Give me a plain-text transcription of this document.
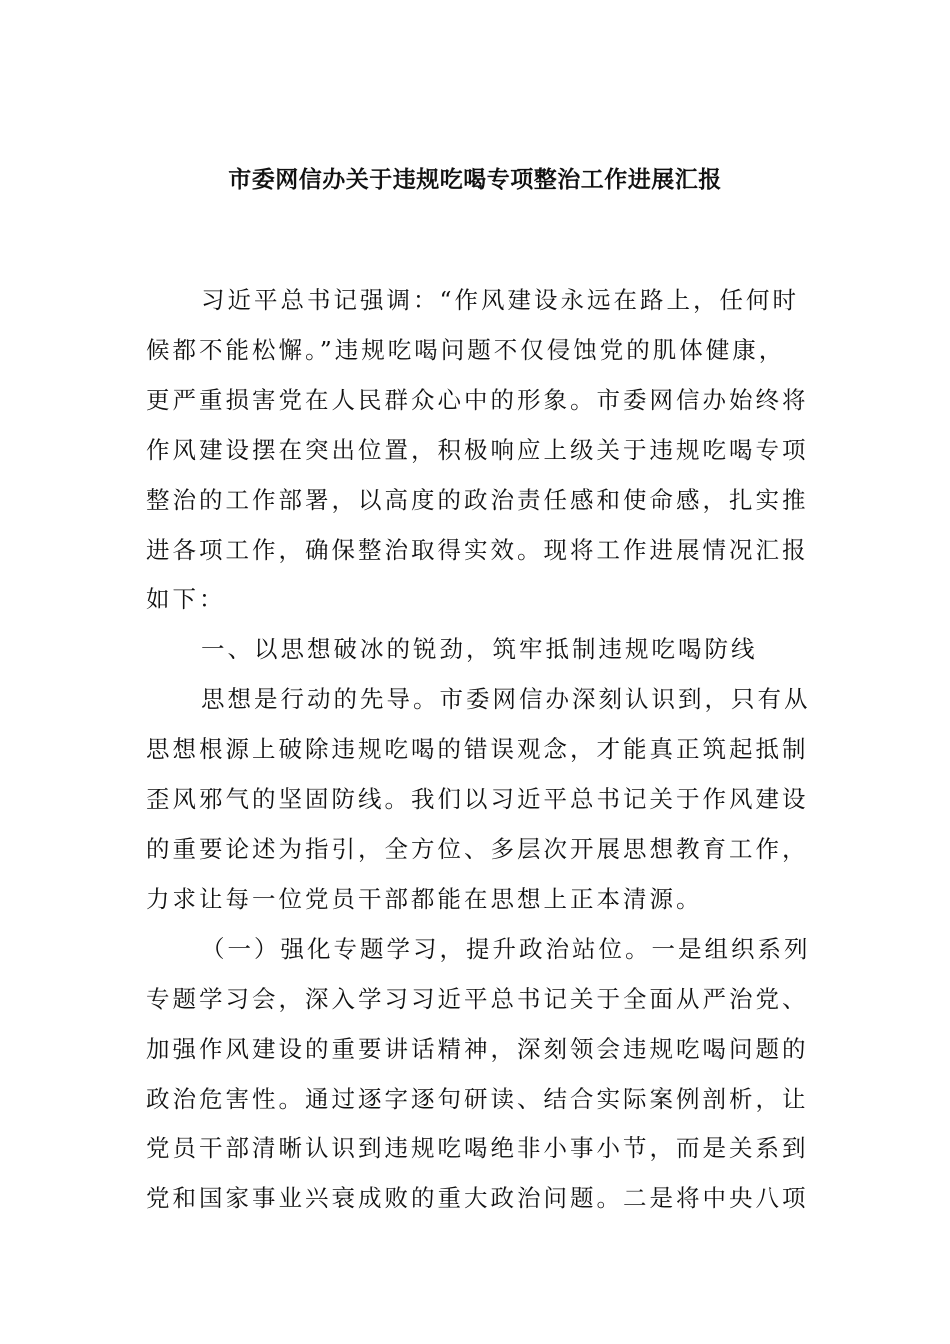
市委网信办关于违规吃喝专项整治工作进展汇报
习近平总书记强调：“作风建设永远在路上，任何时
候都不能松懈。”违规吃喝问题不仅侵蚀党的肌体健康，
更严重损害党在人民群众心中的形象。市委网信办始终将
作风建设摆在突出位置，积极响应上级关于违规吃喝专项
整治的工作部署，以高度的政治责任感和使命感，扎实推
进各项工作，确保整治取得实效。现将工作进展情况汇报
如下：

一、以思想破冰的锐劲，筑牢抵制违规吃喝防线

思想是行动的先导。市委网信办深刻认识到，只有从
思想根源上破除违规吃喝的错误观念，才能真正筑起抵制
歪风邪气的坚固防线。我们以习近平总书记关于作风建设
的重要论述为指引，全方位、多层次开展思想教育工作，
力求让每一位党员干部都能在思想上正本清源。
（一）强化专题学习，提升政治站位。一是组织系列
专题学习会，深入学习习近平总书记关于全面从严治党、
加强作风建设的重要讲话精神，深刻领会违规吃喝问题的
政治危害性。通过逐字逐句研读、结合实际案例剖析，让
党员干部清晰认识到违规吃喝绝非小事小节，而是关系到
党和国家事业兴衰成败的重大政治问题。二是将中央八项
